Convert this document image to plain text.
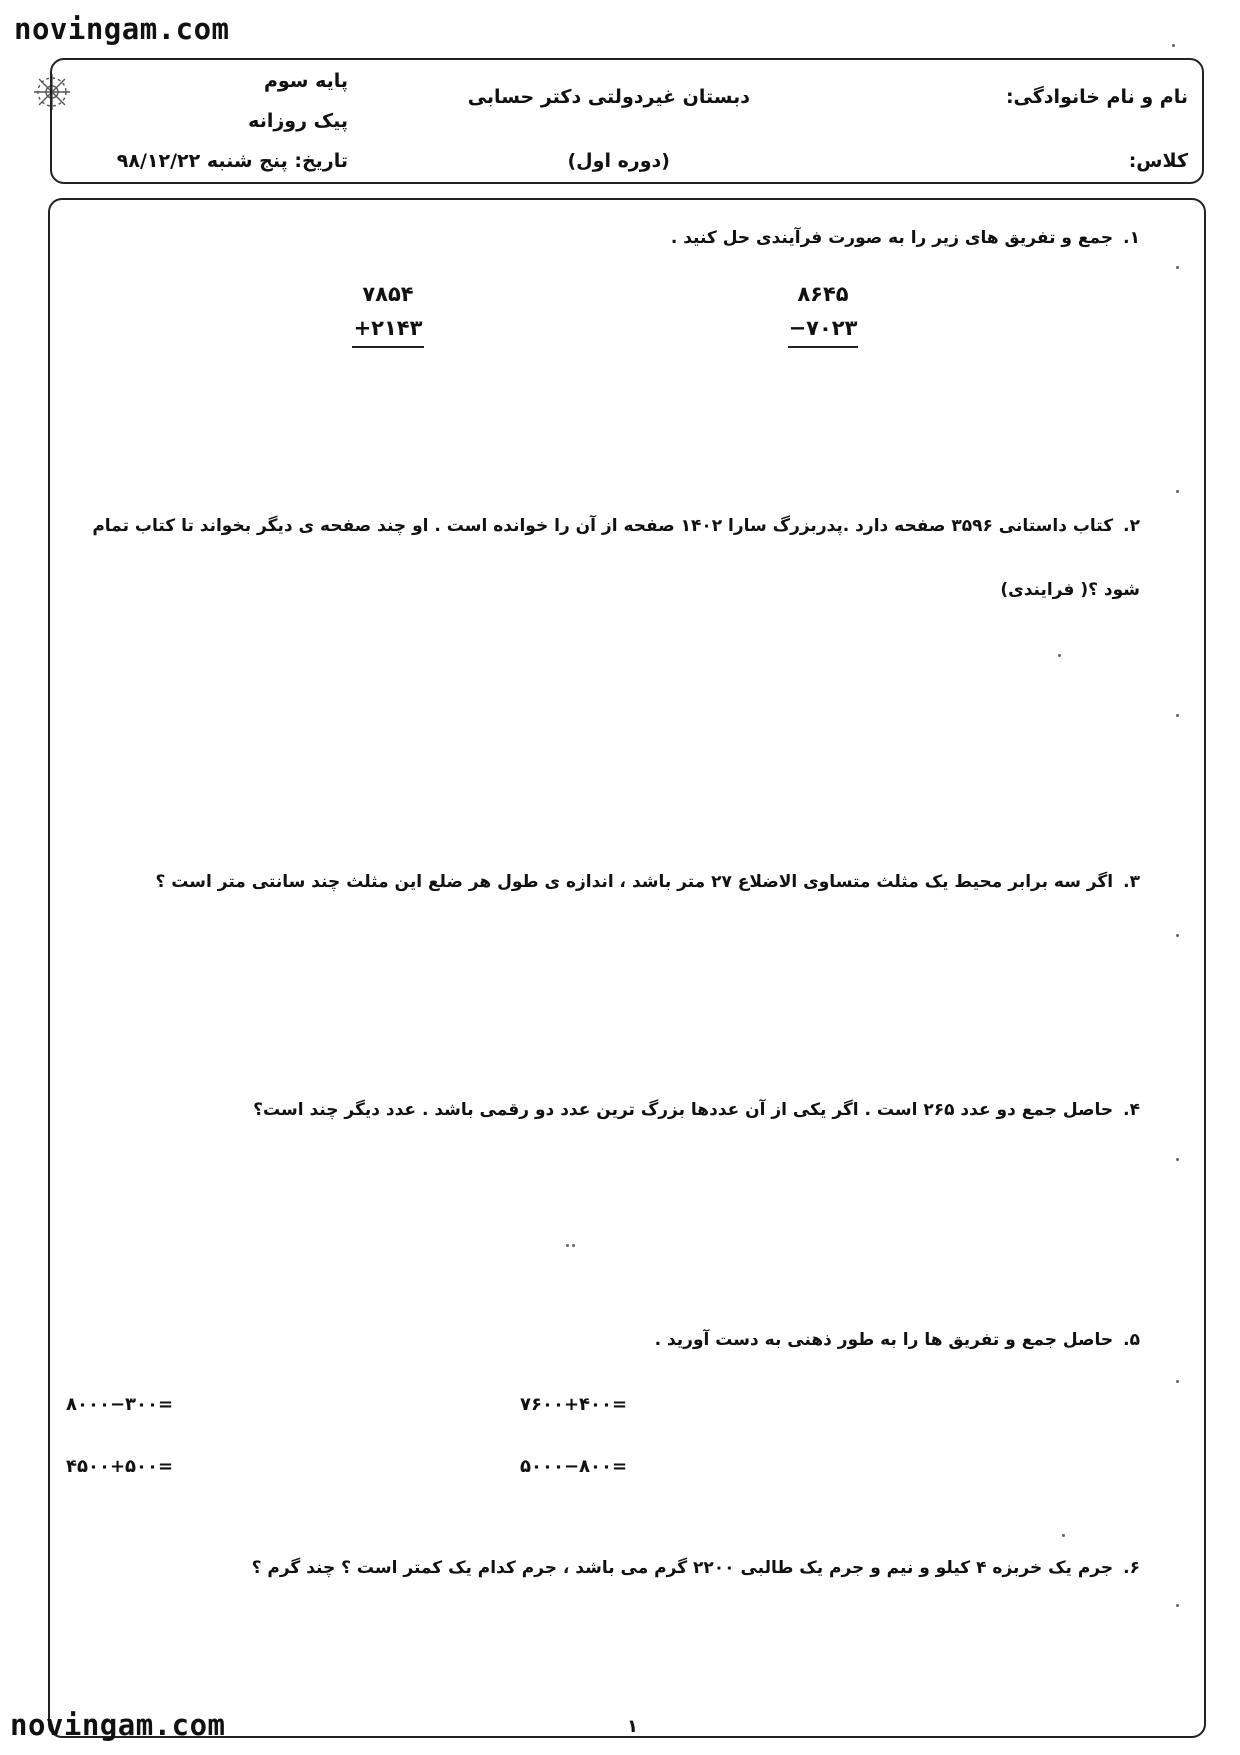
novingam.com
نام و نام خانوادگی:
کلاس:
دبستان غیردولتی دکتر حسابی
(دوره اول)
پایه سوم
پیک روزانه
تاریخ: پنج شنبه ۹۸/۱۲/۲۲
۱.جمع و تفریق های زیر را به صورت فرآیندی حل کنید .
۸۶۴۵
−۷۰۲۳
۷۸۵۴
+۲۱۴۳
۲.کتاب داستانی ۳۵۹۶ صفحه دارد .پدربزرگ سارا ۱۴۰۲ صفحه از آن را خوانده است . او چند صفحه ی دیگر بخواند تا کتاب تمام
شود ؟( فرایندی)
۳.اگر سه برابر محیط یک مثلث متساوی الاضلاع ۲۷ متر باشد ، اندازه ی طول هر ضلع این مثلث چند سانتی متر است ؟
۴.حاصل جمع دو عدد ۲۶۵ است . اگر یکی از آن عددها بزرگ ترین عدد دو رقمی باشد . عدد دیگر چند است؟
۵.حاصل جمع و تفریق ها را به طور ذهنی به دست آورید .
۷۶۰۰+۴۰۰=
۸۰۰۰−۳۰۰=
۵۰۰۰−۸۰۰=
۴۵۰۰+۵۰۰=
۶.جرم یک خربزه ۴ کیلو و نیم و جرم یک طالبی ۲۲۰۰ گرم می باشد ، جرم کدام یک کمتر است ؟ چند گرم ؟
۱
novingam.com
